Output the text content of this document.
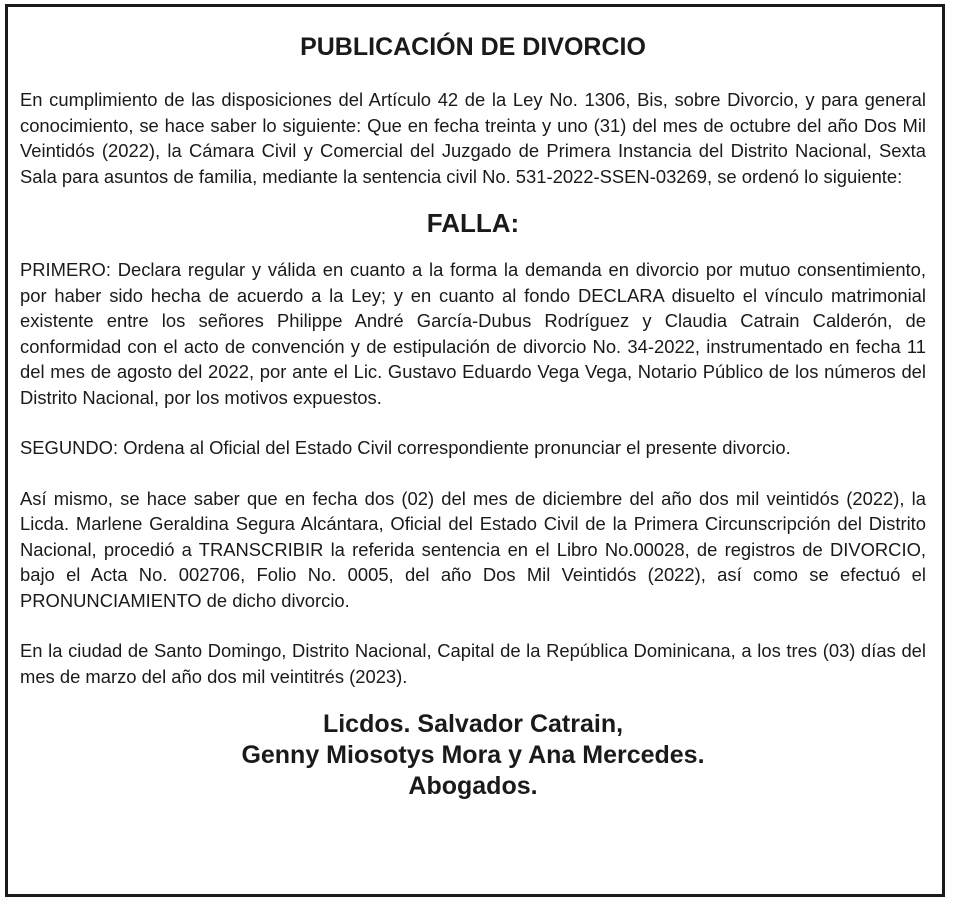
PUBLICACIÓN DE DIVORCIO

En cumplimiento de las disposiciones del Artículo 42 de la Ley No. 1306, Bis, sobre Divorcio, y para general conocimiento, se hace saber lo siguiente: Que en fecha treinta y uno (31) del mes de octubre del año Dos Mil Veintidós (2022), la Cámara Civil y Comercial del Juzgado de Primera Instancia del Distrito Nacional, Sexta Sala para asuntos de familia, mediante la sentencia civil No. 531-2022-SSEN-03269, se ordenó lo siguiente:

FALLA:

PRIMERO: Declara regular y válida en cuanto a la forma la demanda en divorcio por mutuo consentimiento, por haber sido hecha de acuerdo a la Ley; y en cuanto al fondo DECLARA disuelto el vínculo matrimonial existente entre los señores Philippe André García-Dubus Rodríguez y Claudia Catrain Calderón, de conformidad con el acto de convención y de estipulación de divorcio No. 34-2022, instrumentado en fecha 11 del mes de agosto del 2022, por ante el Lic. Gustavo Eduardo Vega Vega, Notario Público de los números del Distrito Nacional, por los motivos expuestos.

SEGUNDO: Ordena al Oficial del Estado Civil correspondiente pronunciar el presente divorcio.

Así mismo, se hace saber que en fecha dos (02) del mes de diciembre del año dos mil veintidós (2022), la Licda. Marlene Geraldina Segura Alcántara, Oficial del Estado Civil de la Primera Circunscripción del Distrito Nacional, procedió a TRANSCRIBIR la referida sentencia en el Libro No.00028, de registros de DIVORCIO, bajo el Acta No. 002706, Folio No. 0005, del año Dos Mil Veintidós (2022), así como se efectuó el PRONUNCIAMIENTO de dicho divorcio.

En la ciudad de Santo Domingo, Distrito Nacional, Capital de la República Dominicana, a los tres (03) días del mes de marzo del año dos mil veintitrés (2023).

Licdos. Salvador Catrain,
Genny Miosotys Mora y Ana Mercedes.
Abogados.
